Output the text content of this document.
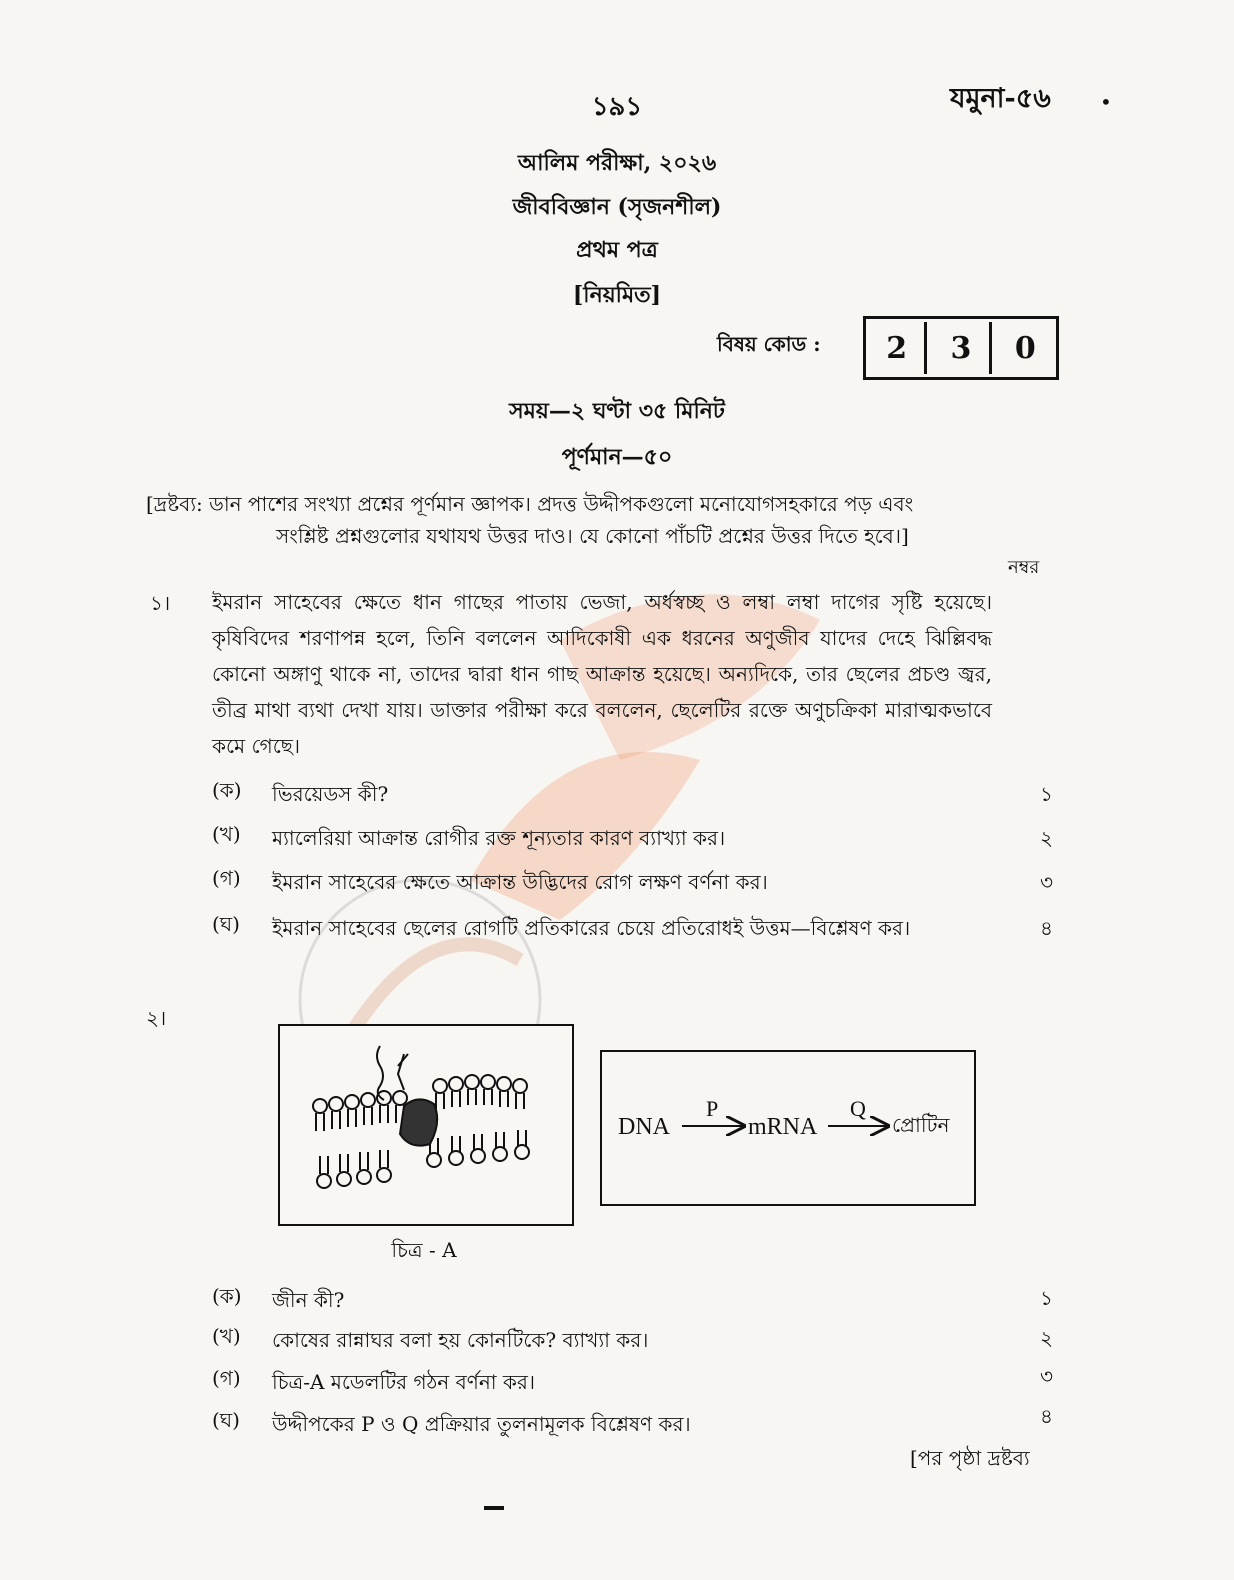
১৯১	যমুনা-৫৬ •
আলিম পরীক্ষা, ২০২৬
জীববিজ্ঞান (সৃজনশীল)
প্রথম পত্র
[নিয়মিত]
বিষয় কোড :	2	3	0
সময়—২ ঘণ্টা ৩৫ মিনিট
পূর্ণমান—৫০
[দ্রষ্টব্য: ডান পাশের সংখ্যা প্রশ্নের পূর্ণমান জ্ঞাপক। প্রদত্ত উদ্দীপকগুলো মনোযোগসহকারে পড় এবং
সংশ্লিষ্ট প্রশ্নগুলোর যথাযথ উত্তর দাও। যে কোনো পাঁচটি প্রশ্নের উত্তর দিতে হবে।]
নম্বর
১। ইমরান সাহেবের ক্ষেতে ধান গাছের পাতায় ভেজা, অর্ধস্বচ্ছ ও লম্বা লম্বা দাগের সৃষ্টি হয়েছে। কৃষিবিদের শরণাপন্ন হলে, তিনি বললেন আদিকোষী এক ধরনের অণুজীব যাদের দেহে ঝিল্লিবদ্ধ কোনো অঙ্গাণু থাকে না, তাদের দ্বারা ধান গাছ আক্রান্ত হয়েছে। অন্যদিকে, তার ছেলের প্রচণ্ড জ্বর, তীব্র মাথা ব্যথা দেখা যায়। ডাক্তার পরীক্ষা করে বললেন, ছেলেটির রক্তে অণুচক্রিকা মারাত্মকভাবে কমে গেছে।
(ক) ভিরয়েডস কী?	১
(খ) ম্যালেরিয়া আক্রান্ত রোগীর রক্ত শূন্যতার কারণ ব্যাখ্যা কর।	২
(গ) ইমরান সাহেবের ক্ষেতে আক্রান্ত উদ্ভিদের রোগ লক্ষণ বর্ণনা কর।	৩
(ঘ) ইমরান সাহেবের ছেলের রোগটি প্রতিকারের চেয়ে প্রতিরোধই উত্তম—বিশ্লেষণ কর।	৪
২।
চিত্র - A
DNA
P
mRNA
Q
প্রোটিন
(ক) জীন কী?	১
(খ) কোষের রান্নাঘর বলা হয় কোনটিকে? ব্যাখ্যা কর।	২
(গ) চিত্র-A মডেলটির গঠন বর্ণনা কর।	৩
(ঘ) উদ্দীপকের P ও Q প্রক্রিয়ার তুলনামূলক বিশ্লেষণ কর।	৪
[পর পৃষ্ঠা দ্রষ্টব্য
